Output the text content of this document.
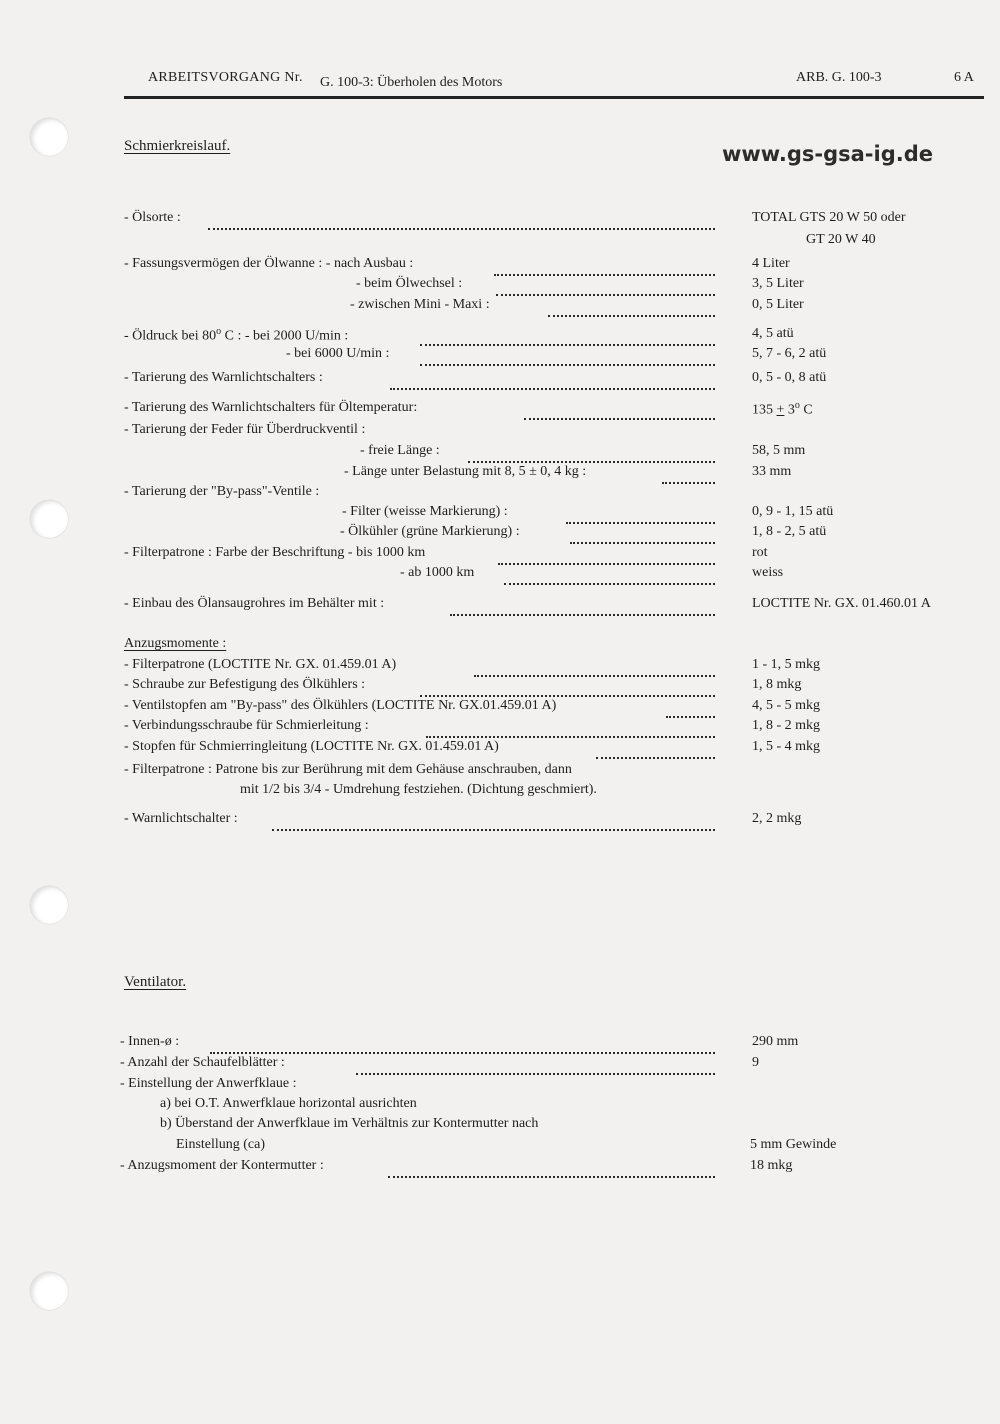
ARBEITSVORGANG Nr. G. 100-3: Überholen des Motors	ARB. G. 100-3	6 A
www.gs-gsa-ig.de
Schmierkreislauf.
- Ölsorte :	TOTAL GTS 20 W 50 oder
GT 20 W 40
- Fassungsvermögen der Ölwanne : - nach Ausbau :	4 Liter
- beim Ölwechsel :	3, 5 Liter
- zwischen Mini - Maxi :	0, 5 Liter
- Öldruck bei 80$^o$ C : - bei 2000 U/min :	4, 5 atü
- bei 6000 U/min :	5, 7 - 6, 2 atü
- Tarierung des Warnlichtschalters :	0, 5 - 0, 8 atü
- Tarierung des Warnlichtschalters für Öltemperatur:	$135 + 3^o$ C
- Tarierung der Feder für Überdruckventil :
- freie Länge :	58, 5 mm
- Länge unter Belastung mit 8, 5 ± 0, 4 kg :	33 mm
- Tarierung der "By-pass"-Ventile :
- Filter (weisse Markierung) :	0, 9 - 1, 15 atü
- Ölkühler (grüne Markierung) :	1, 8 - 2, 5 atü
- Filterpatrone : Farbe der Beschriftung - bis 1000 km	rot
- ab 1000 km	weiss
- Einbau des Ölansaugrohres im Behälter mit :	LOCTITE Nr. GX. 01.460.01 A
Anzugsmomente :
- Filterpatrone (LOCTITE Nr. GX. 01.459.01 A)	1 - 1, 5 mkg
- Schraube zur Befestigung des Ölkühlers :	1, 8 mkg
- Ventilstopfen am "By-pass" des Ölkühlers (LOCTITE Nr. GX.01.459.01 A)	4, 5 - 5 mkg
- Verbindungsschraube für Schmierleitung :	1, 8 - 2 mkg
- Stopfen für Schmierringleitung (LOCTITE Nr. GX. 01.459.01 A)	1, 5 - 4 mkg
- Filterpatrone : Patrone bis zur Berührung mit dem Gehäuse anschrauben, dann
mit 1/2 bis 3/4 - Umdrehung festziehen. (Dichtung geschmiert).
- Warnlichtschalter :	2, 2 mkg
Ventilator.
- Innen-ø :	290 mm
- Anzahl der Schaufelblätter :	9
- Einstellung der Anwerfklaue :
a) bei O.T. Anwerfklaue horizontal ausrichten
b) Überstand der Anwerfklaue im Verhältnis zur Kontermutter nach
Einstellung (ca)	5 mm Gewinde
- Anzugsmoment der Kontermutter :	18 mkg
